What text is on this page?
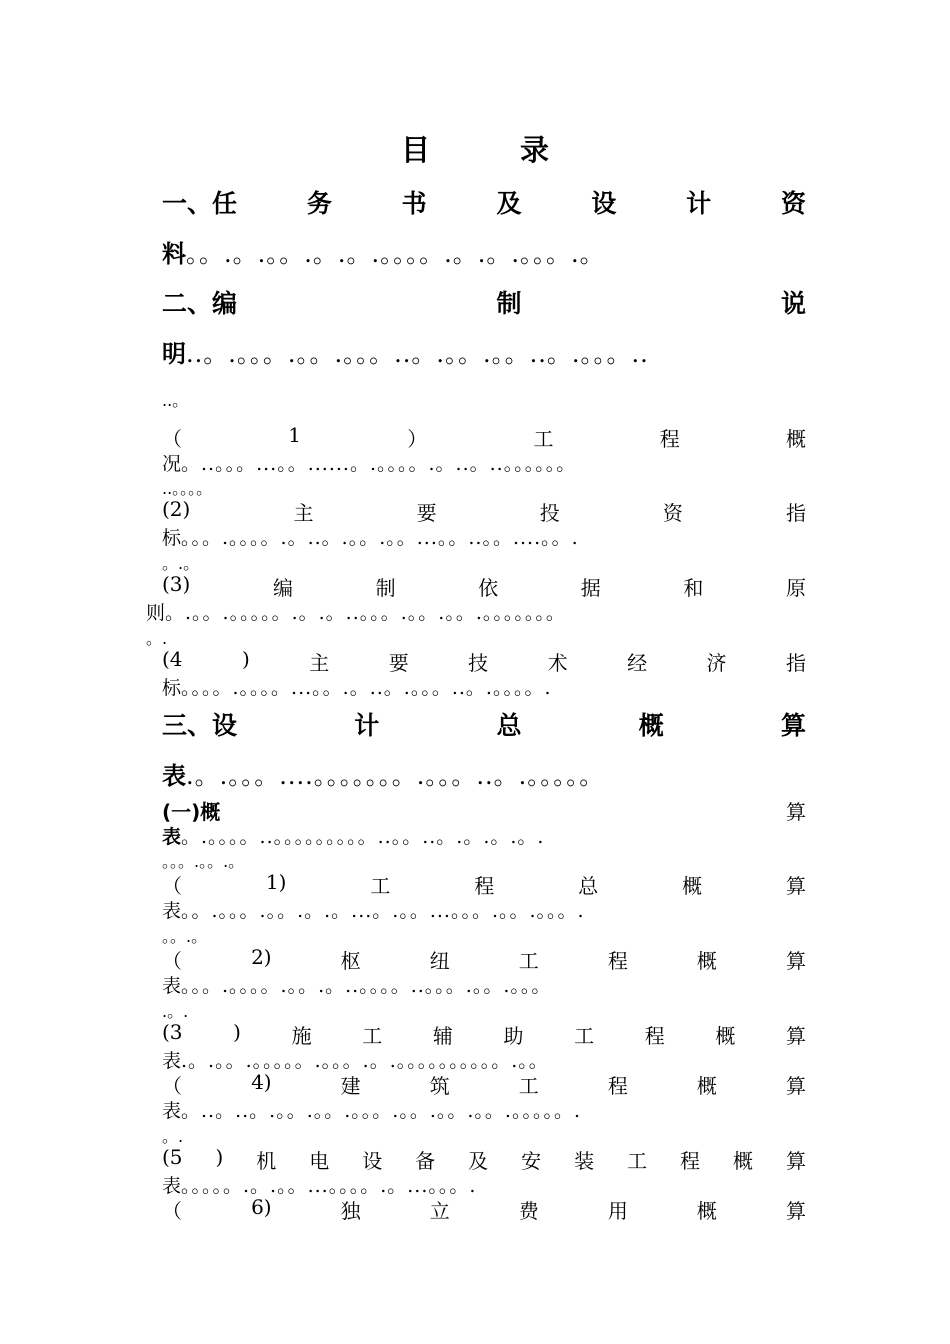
目 录
一、任	务	书	及	设	计	资
料。。.。.。。.。.。.。。。。.。.。.。。。.。
二、编	制	说
明..。.。。。.。。.。。。..。.。。.。。..。.。。。..
..。
（	1	）	工	程	概
况。..。。。...。。......。.。。。。.。..。..。。。。。。
..。。。。
(2)	主	要	投	资	指
标。。。.。。。。.。..。.。。.。。...。。..。。....。。.
。.。
(3)	编	制	依	据	和	原
则。.。。.。。。。。.。.。..。。。.。。.。。.。。。。。。。
。.
(4	)	主	要	技	术	经	济	指
标。。。。.。。。。...。。.。..。.。。。..。.。。。。.
三、设	计	总	概	算
表.。.。。。....。。。。。。。.。。。..。.。。。。。
(一)概	算
表。.。。。。..。。。。。。。。。..。。..。.。.。.。.
。。。.。。.。
（	1)	工	程	总	概	算
表。。.。。。.。。.。.。...。.。。...。。。.。。.。。。.
。。.。
（	2)	枢	纽	工	程	概	算
表。。。.。。。。.。。.。..。。。。..。。。.。。.。。。
.。.
(3	)	施	工	辅	助	工	程	概	算
表.。.。。.。。。。。.。。。.。.。。。。。。。。。。.。。
（	4)	建	筑	工	程	概	算
表。..。..。.。。.。。.。。。.。。.。。.。。.。。。。。.
。.
(5 ) 机 电 设 备 及 安 装 工 程 概 算
表。。。。。.。.。。...。。。。.。...。。。.
（	6)	独	立	费	用	概	算
